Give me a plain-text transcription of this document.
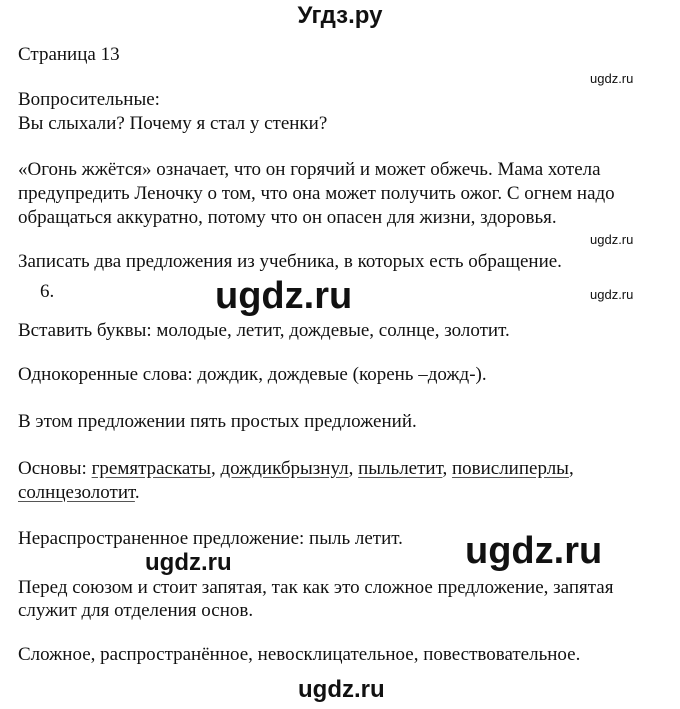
Угдз.ру
Страница 13
ugdz.ru
Вопросительные:
Вы слыхали? Почему я стал у стенки?
«Огонь жжётся» означает, что он горячий и может обжечь. Мама хотела
предупредить Леночку о том, что она может получить ожог. С огнем надо
обращаться аккуратно, потому что он опасен для жизни, здоровья.
ugdz.ru
Записать два предложения из учебника, в которых есть обращение.
6.	ugdz.ru	ugdz.ru
Вставить буквы: молодые, летит, дождевые, солнце, золотит.
Однокоренные слова: дождик, дождевые (корень –дожд-).
В этом предложении пять простых предложений.
Основы: гремятраскаты, дождикбрызнул, пыльлетит, повислиперлы,
солнцезолотит.
Нераспространенное предложение: пыль летит.
ugdz.ru	ugdz.ru
Перед союзом и стоит запятая, так как это сложное предложение, запятая
служит для отделения основ.
Сложное, распространённое, невосклицательное, повествовательное.
ugdz.ru
